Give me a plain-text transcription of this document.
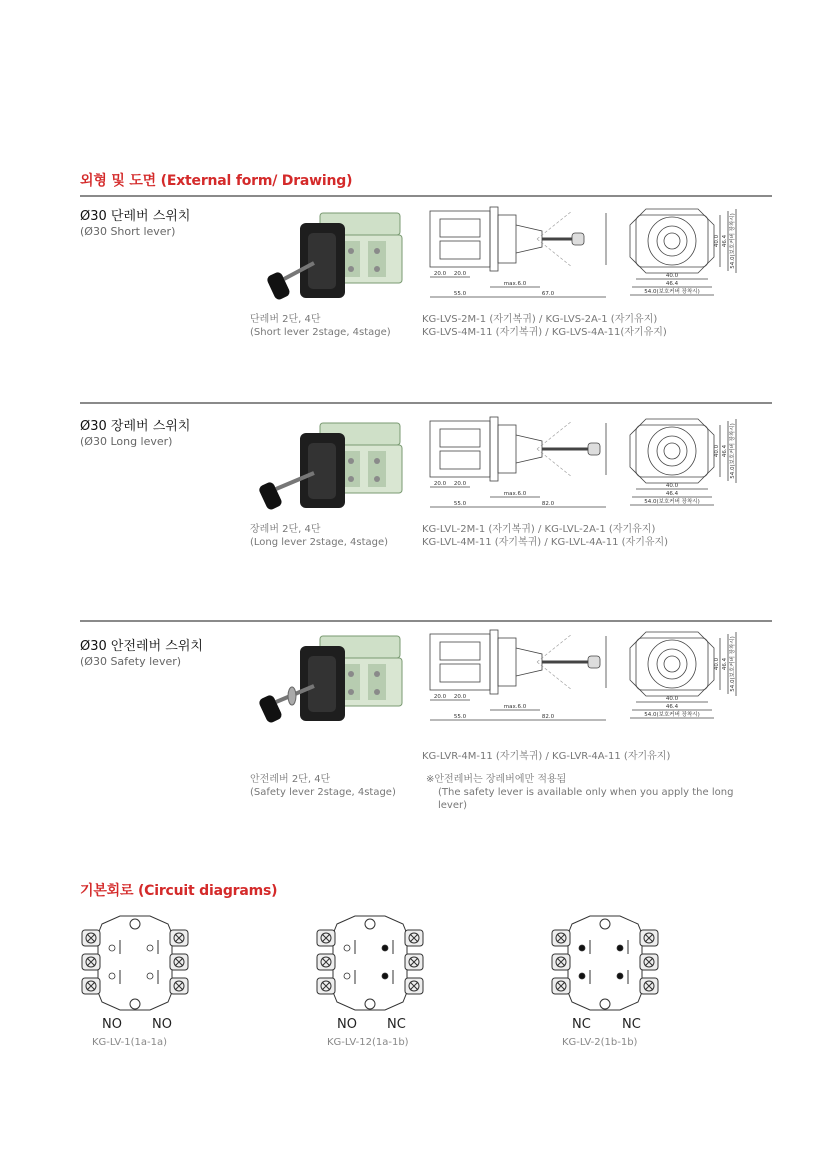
외형 및 도면 (External form/ Drawing)
Ø30 단레버 스위치
(Ø30 Short lever)
20.0 20.0
55.0
max.6.0
67.0
40.0
46.4
54.0(보호커버 장착시)
40.0 46.4 54.0(보호커버 장착시)
단레버 2단, 4단
(Short lever 2stage, 4stage)
KG-LVS-2M-1 (자기복귀) / KG-LVS-2A-1 (자기유지)
KG-LVS-4M-11 (자기복귀) / KG-LVS-4A-11(자기유지)
Ø30 장레버 스위치
(Ø30 Long lever)
20.0 20.0
55.0
max.6.0
82.0
40.0
46.4
54.0(보호커버 장착시)
40.0 46.4 54.0(보호커버 장착시)
장레버 2단, 4단
(Long lever 2stage, 4stage)
KG-LVL-2M-1 (자기복귀) / KG-LVL-2A-1 (자기유지)
KG-LVL-4M-11 (자기복귀) / KG-LVL-4A-11 (자기유지)
Ø30 안전레버 스위치
(Ø30 Safety lever)
20.0 20.0
55.0
max.6.0
82.0
40.0
46.4
54.0(보호커버 장착시)
40.0 46.4 54.0(보호커버 장착시)
안전레버 2단, 4단
(Safety lever 2stage, 4stage)
KG-LVR-4M-11 (자기복귀) / KG-LVR-4A-11 (자기유지)
※안전레버는 장레버에만 적용됨
(The safety lever is available only when you apply the long
lever)
기본회로 (Circuit diagrams)
NO NO
KG-LV-1(1a-1a)
NO NC
KG-LV-12(1a-1b)
NC NC
KG-LV-2(1b-1b)
